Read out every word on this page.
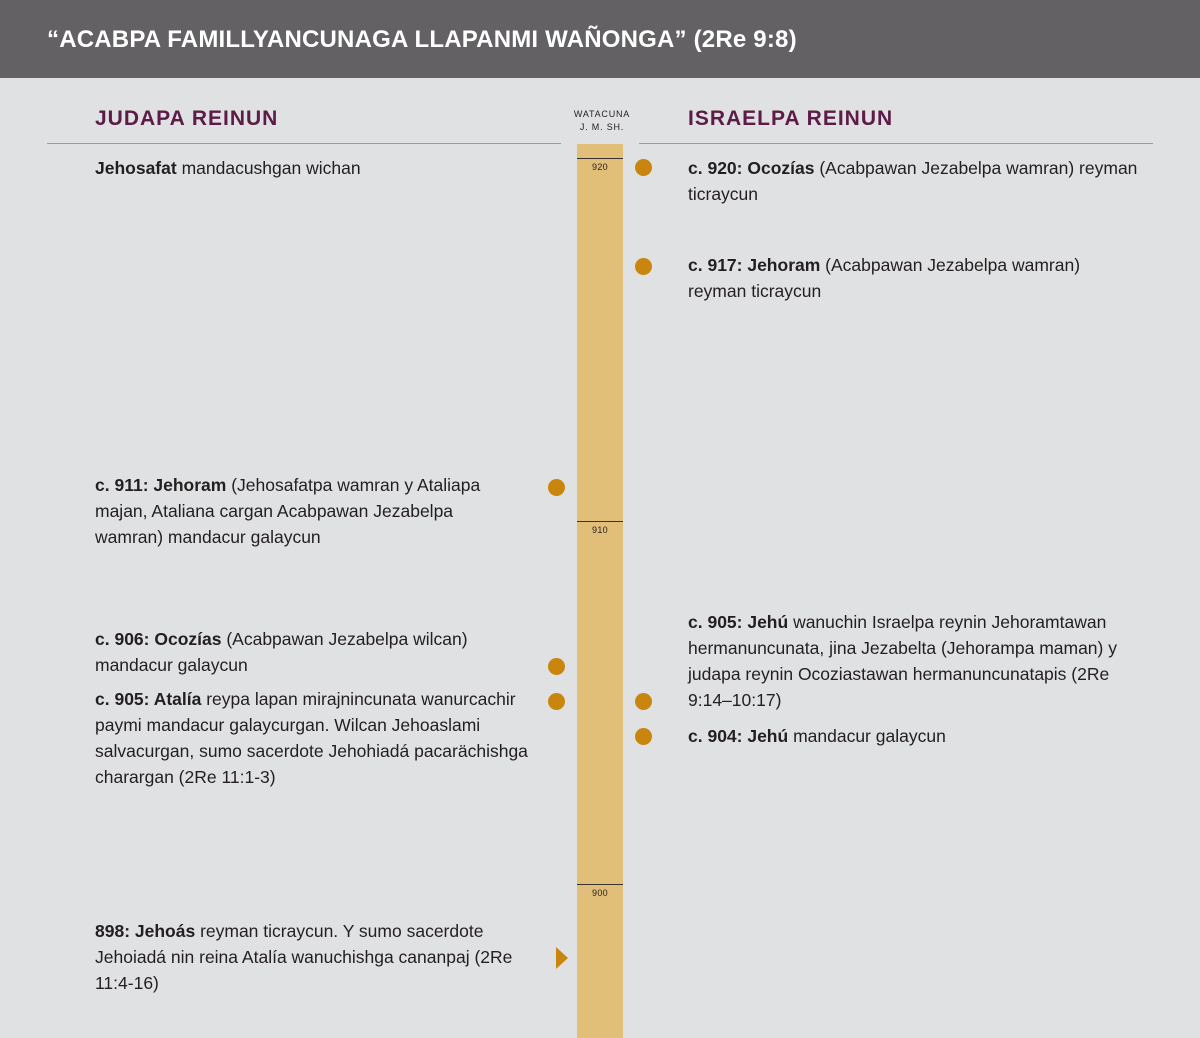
“ACABPA FAMILLYANCUNAGA LLAPANMI WAÑONGA” (2Re 9:8)
JUDAPA REINUN	WATACUNA
J. M. SH.	ISRAELPA REINUN
920
910
900
Jehosafat mandacushgan wichan
c. 911: Jehoram (Jehosafatpa wamran y Ataliapa majan, Ataliana cargan Acabpawan Jezabelpa wamran) mandacur galaycun
c. 906: Ocozías (Acabpawan Jezabelpa wilcan) mandacur galaycun
c. 905: Atalía reypa lapan mirajnincunata wanurcachir paymi mandacur galaycurgan. Wilcan Jehoaslami salvacurgan, sumo sacerdote Jehohiadá pacarächishga charargan (2Re 11:1-3)
898: Jehoás reyman ticraycun. Y sumo sacerdote Jehoiadá nin reina Atalía wanuchishga cananpaj (2Re 11:4-16)
c. 920: Ocozías (Acabpawan Jezabelpa wamran) reyman ticraycun
c. 917: Jehoram (Acabpawan Jezabelpa wamran) reyman ticraycun
c. 905: Jehú wanuchin Israelpa reynin Jehoramtawan hermanuncunata, jina Jezabelta (Jehorampa maman) y judapa reynin Ocoziastawan hermanuncunatapis (2Re 9:14–10:17)
c. 904: Jehú mandacur galaycun
